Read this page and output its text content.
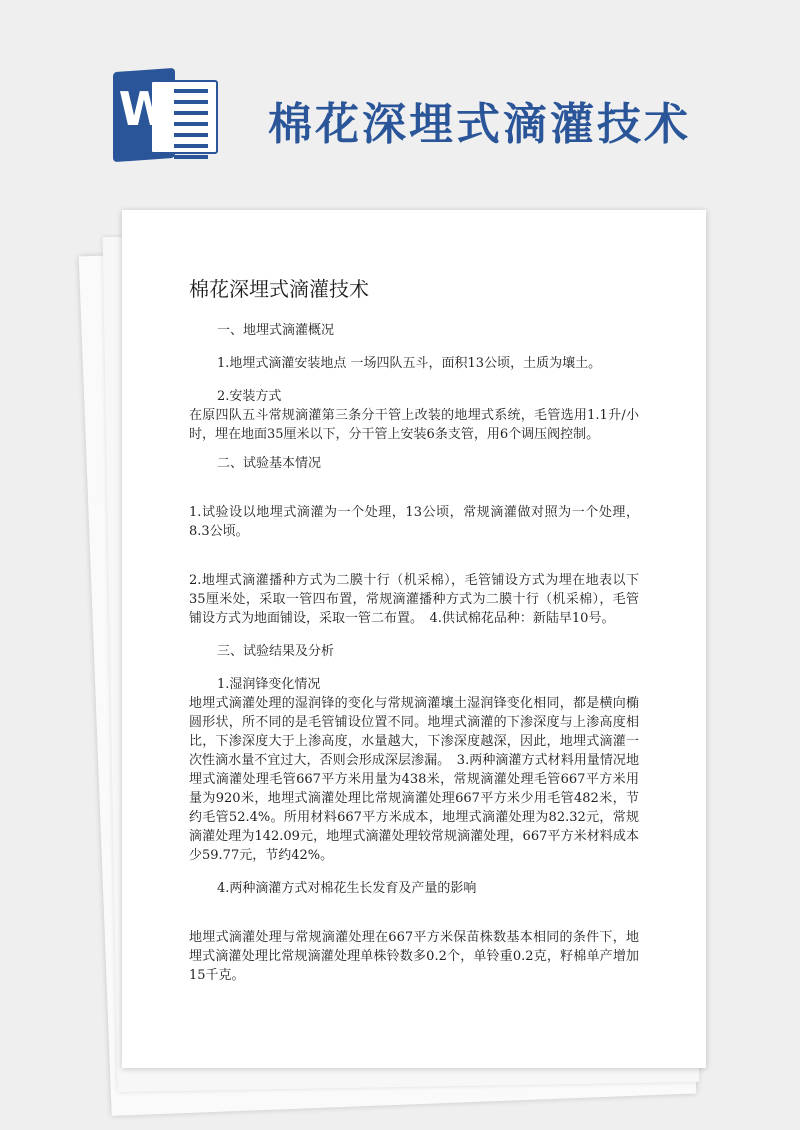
W 棉花深埋式滴灌技术
棉花深埋式滴灌技术

一、地埋式滴灌概况

1.地埋式滴灌安装地点 一场四队五斗，面积13公顷，土质为壤土。

2.安装方式

在原四队五斗常规滴灌第三条分干管上改装的地埋式系统，毛管选用1.1升/小时，埋在地面35厘米以下，分干管上安装6条支管，用6个调压阀控制。

二、试验基本情况

1.试验设以地埋式滴灌为一个处理，13公顷，常规滴灌做对照为一个处理，8.3公顷。

2.地埋式滴灌播种方式为二膜十行（机采棉），毛管铺设方式为埋在地表以下35厘米处，采取一管四布置，常规滴灌播种方式为二膜十行（机采棉），毛管铺设方式为地面铺设，采取一管二布置。　4.供试棉花品种：新陆早10号。

三、试验结果及分析

1.湿润锋变化情况

地埋式滴灌处理的湿润锋的变化与常规滴灌壤土湿润锋变化相同，都是横向椭圆形状，所不同的是毛管铺设位置不同。地埋式滴灌的下渗深度与上渗高度相比，下渗深度大于上渗高度，水量越大，下渗深度越深，因此，地埋式滴灌一次性滴水量不宜过大，否则会形成深层渗漏。　3.两种滴灌方式材料用量情况地埋式滴灌处理毛管667平方米用量为438米，常规滴灌处理毛管667平方米用量为920米，地埋式滴灌处理比常规滴灌处理667平方米少用毛管482米，节约毛管52.4%。所用材料667平方米成本，地埋式滴灌处理为82.32元，常规滴灌处理为142.09元，地埋式滴灌处理较常规滴灌处理，667平方米材料成本少59.77元，节约42%。

4.两种滴灌方式对棉花生长发育及产量的影响

地埋式滴灌处理与常规滴灌处理在667平方米保苗株数基本相同的条件下，地埋式滴灌处理比常规滴灌处理单株铃数多0.2个，单铃重0.2克，籽棉单产增加15千克。
